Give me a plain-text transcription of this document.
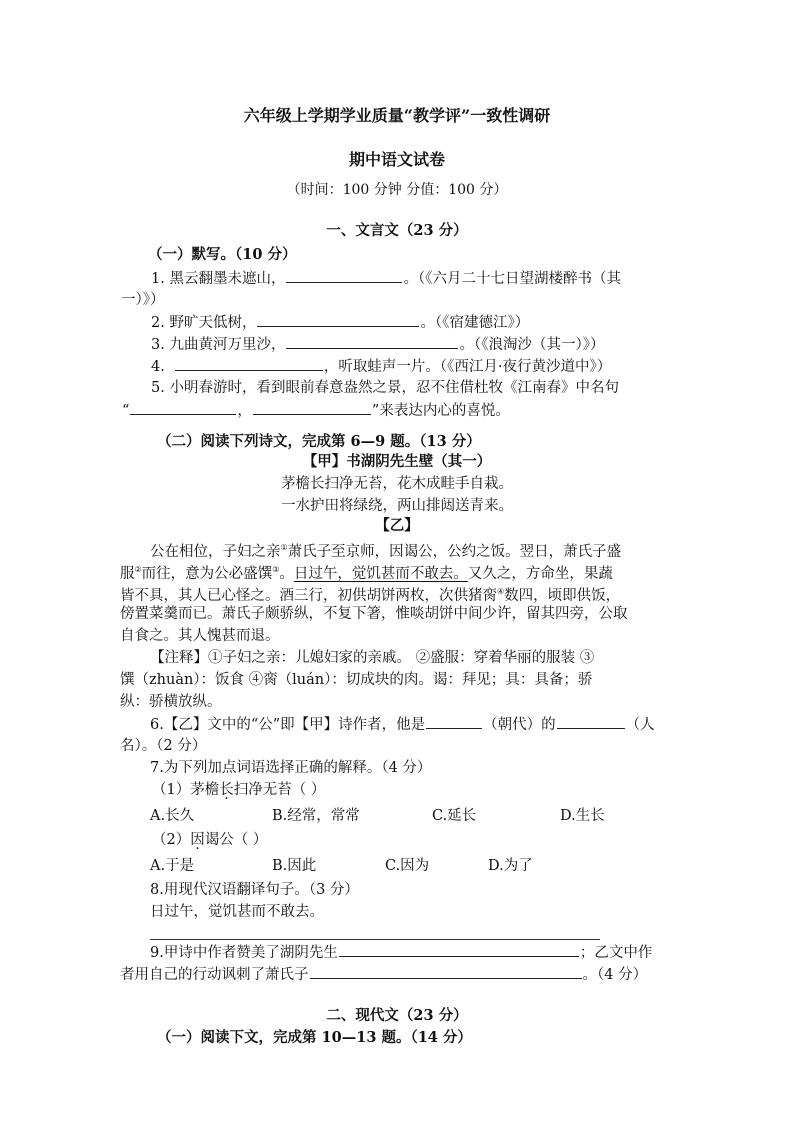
六年级上学期学业质量“教学评”一致性调研
期中语文试卷
（时间：100 分钟 分值：100 分）
一、文言文（23 分）
（一）默写。（10 分）
1. 黑云翻墨未遮山，	。（《六月二十七日望湖楼醉书（其
一）》）
2. 野旷天低树，	。（《宿建德江》）
3. 九曲黄河万里沙，	。（《浪淘沙（其一）》）
4.	，听取蛙声一片。（《西江月·夜行黄沙道中》）
5. 小明春游时，看到眼前春意盎然之景，忍不住借杜牧《江南春》中名句
“	，	”来表达内心的喜悦。
（二）阅读下列诗文，完成第 6—9 题。（13 分）
【甲】书湖阴先生壁（其一）
茅檐长扫净无苔，花木成畦手自栽。
一水护田将绿绕，两山排闼送青来。
【乙】
公在相位，子妇之亲①萧氏子至京师，因谒公，公约之饭。翌日，萧氏子盛
服②而往，意为公必盛馔③。日过午，觉饥甚而不敢去。又久之，方命坐，果蔬
皆不具，其人已心怪之。酒三行，初供胡饼两枚，次供猪脔④数四，顷即供饭，
傍置菜羹而已。萧氏子颇骄纵，不复下箸，惟啖胡饼中间少许，留其四旁，公取
自食之。其人愧甚而退。
【注释】①子妇之亲：儿媳妇家的亲戚。 ②盛服：穿着华丽的服装 ③
馔（zhuàn）：饭食 ④脔（luán）：切成块的肉。谒：拜见；具：具备；骄
纵：骄横放纵。
6.【乙】文中的“公”即【甲】诗作者，他是	（朝代）的	（人
名）。（2 分）
7.为下列加点词语选择正确的解释。（4 分）
（1）茅檐长扫净无苔（ ）
A.长久	B.经常，常常	C.延长	D.生长
（2）因谒公（ ）
A.于是	B.因此	C.因为	D.为了
8.用现代汉语翻译句子。（3 分）
日过午，觉饥甚而不敢去。
9.甲诗中作者赞美了湖阴先生	；乙文中作
者用自己的行动讽刺了萧氏子	。（4 分）
二、现代文（23 分）
（一）阅读下文，完成第 10—13 题。（14 分）
